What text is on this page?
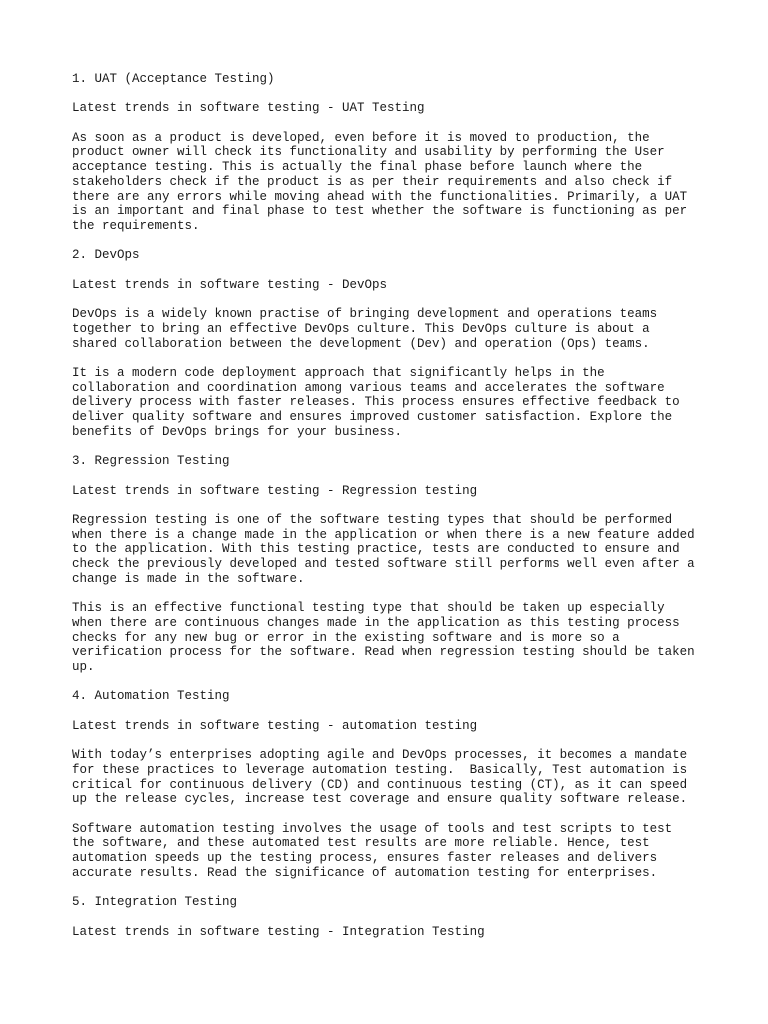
1. UAT (Acceptance Testing)

Latest trends in software testing - UAT Testing

As soon as a product is developed, even before it is moved to production, the
product owner will check its functionality and usability by performing the User
acceptance testing. This is actually the final phase before launch where the
stakeholders check if the product is as per their requirements and also check if
there are any errors while moving ahead with the functionalities. Primarily, a UAT
is an important and final phase to test whether the software is functioning as per
the requirements.

2. DevOps

Latest trends in software testing - DevOps

DevOps is a widely known practise of bringing development and operations teams
together to bring an effective DevOps culture. This DevOps culture is about a
shared collaboration between the development (Dev) and operation (Ops) teams.

It is a modern code deployment approach that significantly helps in the
collaboration and coordination among various teams and accelerates the software
delivery process with faster releases. This process ensures effective feedback to
deliver quality software and ensures improved customer satisfaction. Explore the
benefits of DevOps brings for your business.

3. Regression Testing

Latest trends in software testing - Regression testing

Regression testing is one of the software testing types that should be performed
when there is a change made in the application or when there is a new feature added
to the application. With this testing practice, tests are conducted to ensure and
check the previously developed and tested software still performs well even after a
change is made in the software.

This is an effective functional testing type that should be taken up especially
when there are continuous changes made in the application as this testing process
checks for any new bug or error in the existing software and is more so a
verification process for the software. Read when regression testing should be taken
up.

4. Automation Testing

Latest trends in software testing - automation testing

With today’s enterprises adopting agile and DevOps processes, it becomes a mandate
for these practices to leverage automation testing.  Basically, Test automation is
critical for continuous delivery (CD) and continuous testing (CT), as it can speed
up the release cycles, increase test coverage and ensure quality software release.

Software automation testing involves the usage of tools and test scripts to test
the software, and these automated test results are more reliable. Hence, test
automation speeds up the testing process, ensures faster releases and delivers
accurate results. Read the significance of automation testing for enterprises.

5. Integration Testing

Latest trends in software testing - Integration Testing
